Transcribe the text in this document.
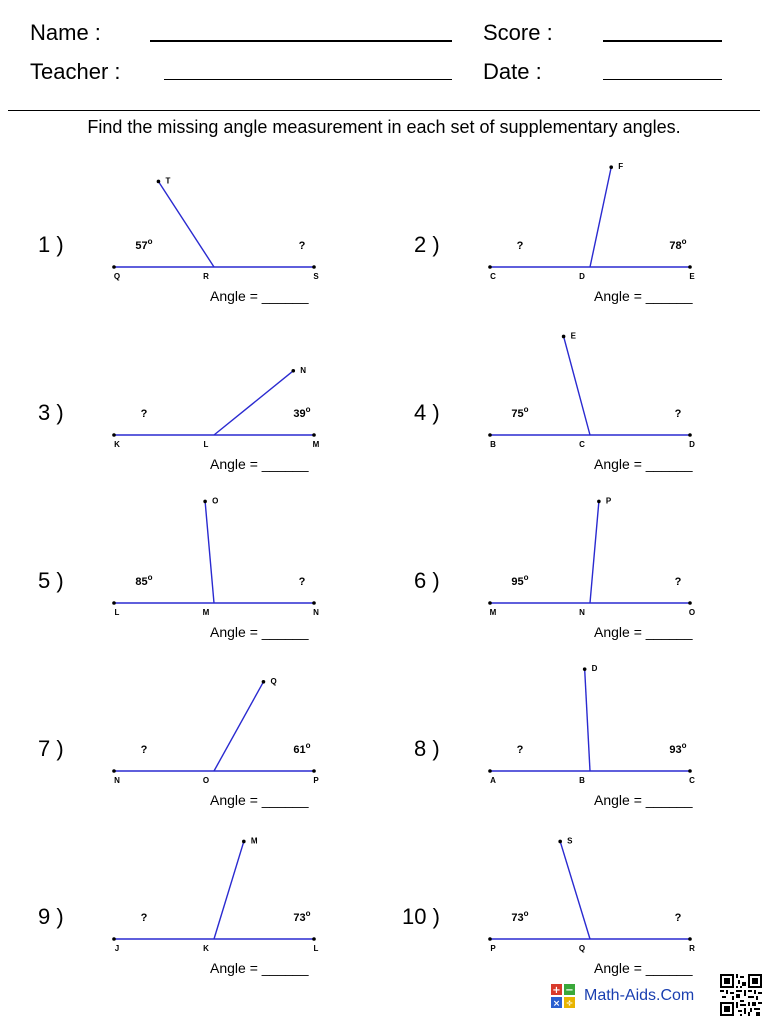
Name :
Teacher :
Score :
Date :
Find the missing angle measurement in each set of supplementary angles.
1 )
Q	R	S
T
57$^o$	?
Angle = ______
2 )
C	D	E
F
?	78$^o$
Angle = ______
3 )
K	L	M
N
?	39$^o$
Angle = ______
4 )
B	C	D
E
75$^o$	?
Angle = ______
5 )
L	M	N
O
85$^o$	?
Angle = ______
6 )
M	N	O
P
95$^o$	?
Angle = ______
7 )
N	O	P
Q
?	61$^o$
Angle = ______
8 )
A	B	C
D
?	93$^o$
Angle = ______
9 )
J	K	L
M
?	73$^o$
Angle = ______
10 )
P	Q	R
S
73$^o$	?
Angle = ______
+ −
× ÷ Math-Aids.Com
